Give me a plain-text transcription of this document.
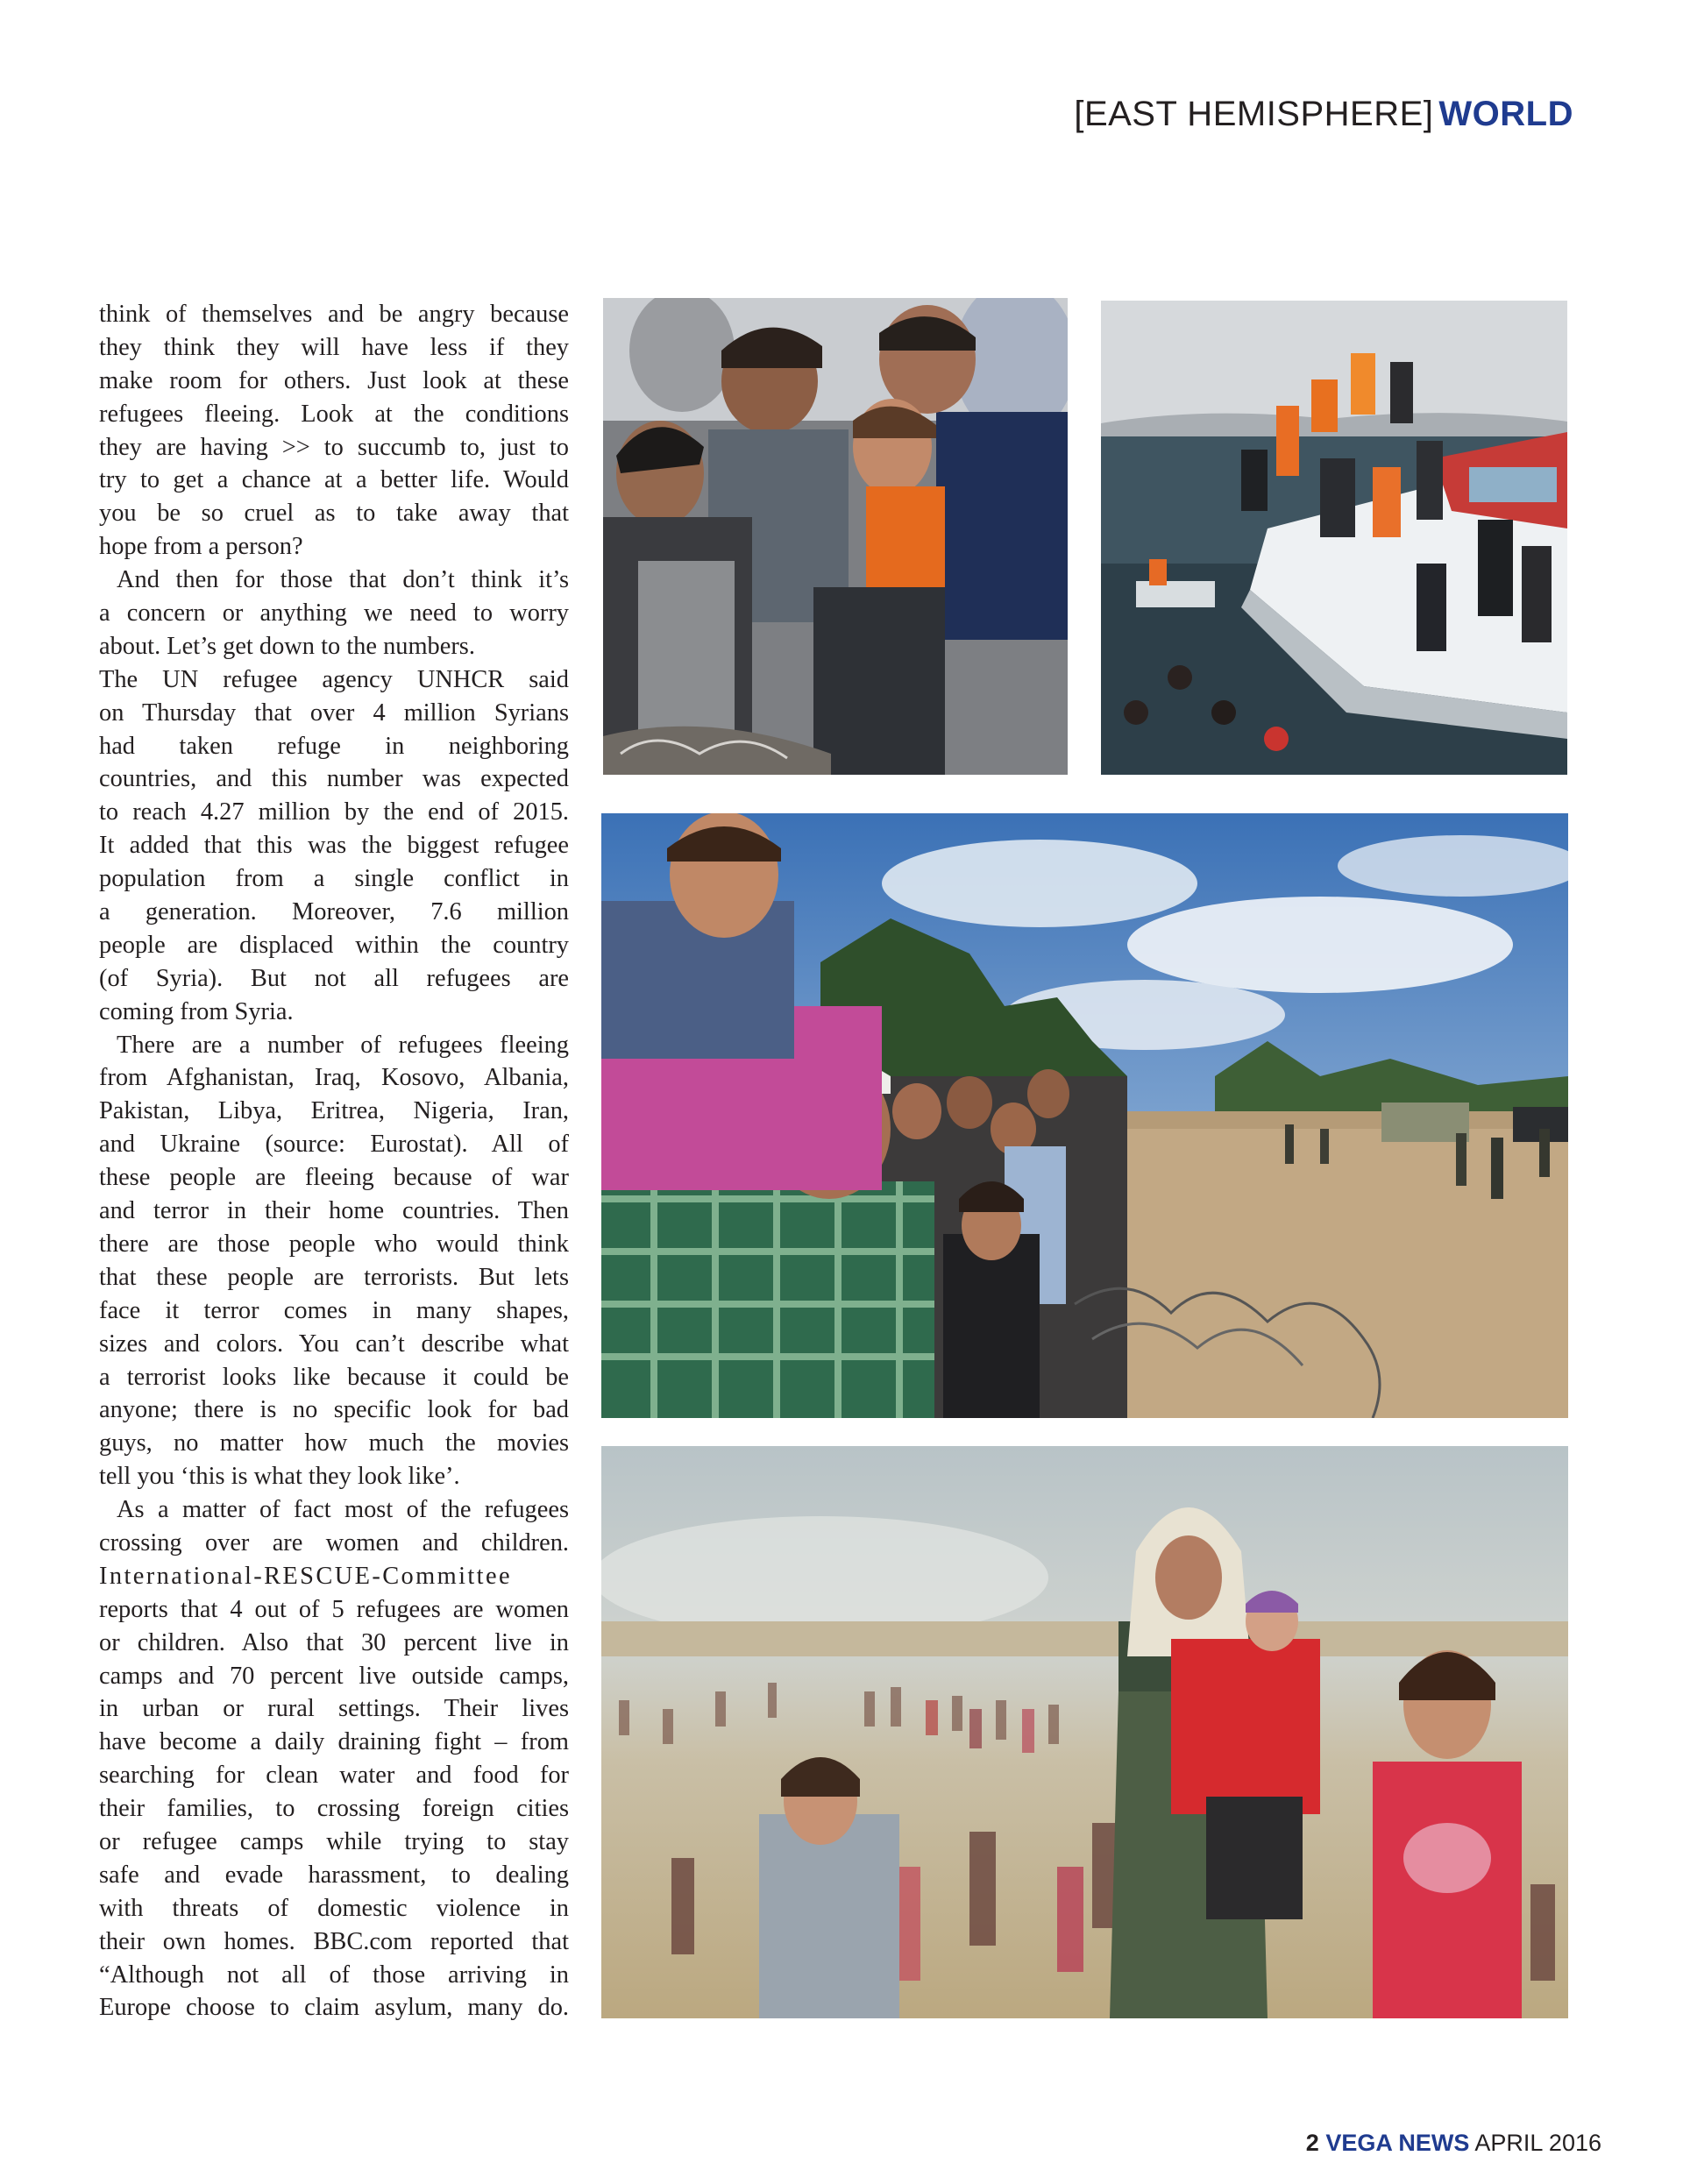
[EAST HEMISPHERE] WORLD
think of themselves and be angry because
they think they will have less if they
make room for others. Just look at these
refugees fleeing. Look at the conditions
they are having >> to succumb to, just to
try to get a chance at a better life. Would
you be so cruel as to take away that
hope from a person?
And then for those that don’t think it’s
a concern or anything we need to worry
about. Let’s get down to the numbers.
The UN refugee agency UNHCR said
on Thursday that over 4 million Syrians
had taken refuge in neighboring
countries, and this number was expected
to reach 4.27 million by the end of 2015.
It added that this was the biggest refugee
population from a single conflict in
a generation. Moreover, 7.6 million
people are displaced within the country
(of Syria). But not all refugees are
coming from Syria.
There are a number of refugees fleeing
from Afghanistan, Iraq, Kosovo, Albania,
Pakistan, Libya, Eritrea, Nigeria, Iran,
and Ukraine (source: Eurostat). All of
these people are fleeing because of war
and terror in their home countries. Then
there are those people who would think
that these people are terrorists. But lets
face it terror comes in many shapes,
sizes and colors. You can’t describe what
a terrorist looks like because it could be
anyone; there is no specific look for bad
guys, no matter how much the movies
tell you ‘this is what they look like’.
As a matter of fact most of the refugees
crossing over are women and children.
International-RESCUE-Committee
reports that 4 out of 5 refugees are women
or children. Also that 30 percent live in
camps and 70 percent live outside camps,
in urban or rural settings. Their lives
have become a daily draining fight – from
searching for clean water and food for
their families, to crossing foreign cities
or refugee camps while trying to stay
safe and evade harassment, to dealing
with threats of domestic violence in
their own homes. BBC.com reported that
“Although not all of those arriving in
Europe choose to claim asylum, many do.
2 VEGA NEWS APRIL 2016
